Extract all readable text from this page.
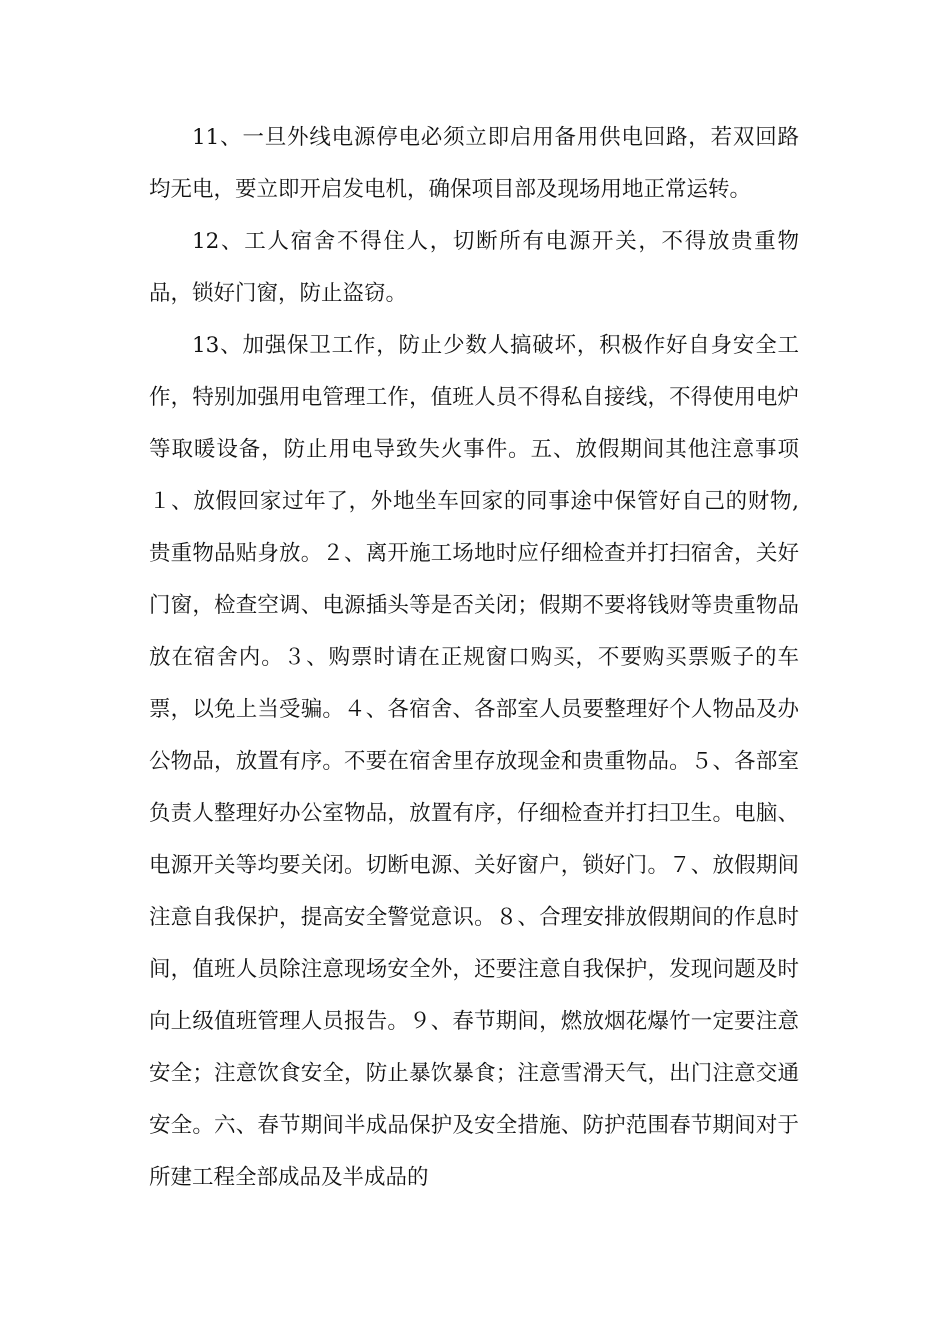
11、一旦外线电源停电必须立即启用备用供电回路，若双回路均无电，要立即开启发电机，确保项目部及现场用地正常运转。

12、工人宿舍不得住人，切断所有电源开关，不得放贵重物品，锁好门窗，防止盗窃。

13、加强保卫工作，防止少数人搞破坏，积极作好自身安全工作，特别加强用电管理工作，值班人员不得私自接线，不得使用电炉等取暖设备，防止用电导致失火事件。五、放假期间其他注意事项１、放假回家过年了，外地坐车回家的同事途中保管好自己的财物,贵重物品贴身放。２、离开施工场地时应仔细检查并打扫宿舍，关好门窗，检查空调、电源插头等是否关闭；假期不要将钱财等贵重物品放在宿舍内。３、购票时请在正规窗口购买，不要购买票贩子的车票，以免上当受骗。４、各宿舍、各部室人员要整理好个人物品及办公物品，放置有序。不要在宿舍里存放现金和贵重物品。５、各部室负责人整理好办公室物品，放置有序，仔细检查并打扫卫生。电脑、电源开关等均要关闭。切断电源、关好窗户，锁好门。７、放假期间注意自我保护，提高安全警觉意识。８、合理安排放假期间的作息时间，值班人员除注意现场安全外，还要注意自我保护，发现问题及时向上级值班管理人员报告。９、春节期间，燃放烟花爆竹一定要注意安全；注意饮食安全，防止暴饮暴食；注意雪滑天气，出门注意交通安全。六、春节期间半成品保护及安全措施、防护范围春节期间对于所建工程全部成品及半成品的
